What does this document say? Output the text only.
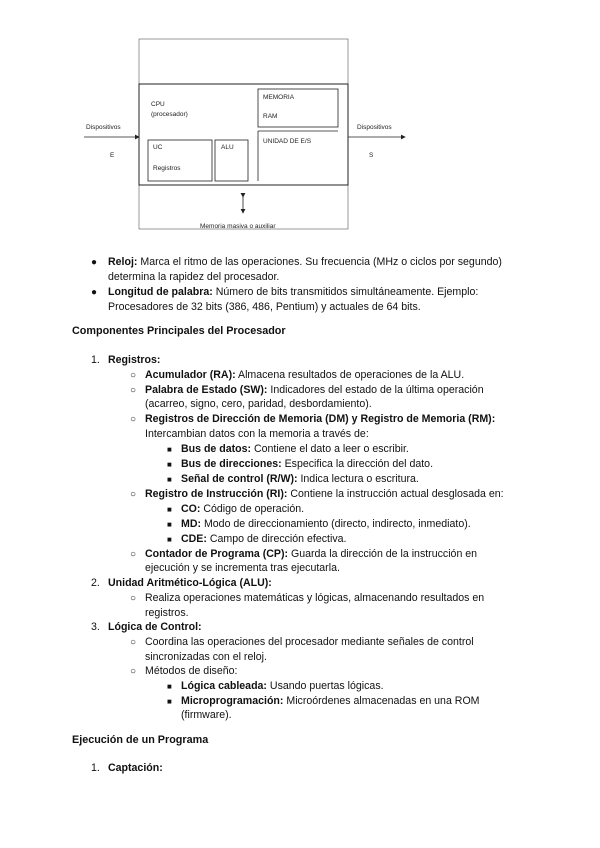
CPU
(procesador)
MEMORIA
RAM
UNIDAD DE E/S
UC
Registros
ALU
Dispositivos
E
Dispositivos
S
Memoria masiva o auxiliar
● Reloj: Marca el ritmo de las operaciones. Su frecuencia (MHz o ciclos por segundo)
determina la rapidez del procesador.
● Longitud de palabra: Número de bits transmitidos simultáneamente. Ejemplo:
Procesadores de 32 bits (386, 486, Pentium) y actuales de 64 bits.
Componentes Principales del Procesador
1. Registros:
○ Acumulador (RA): Almacena resultados de operaciones de la ALU.
○ Palabra de Estado (SW): Indicadores del estado de la última operación
(acarreo, signo, cero, paridad, desbordamiento).
○ Registros de Dirección de Memoria (DM) y Registro de Memoria (RM):
Intercambian datos con la memoria a través de:
■ Bus de datos: Contiene el dato a leer o escribir.
■ Bus de direcciones: Especifica la dirección del dato.
■ Señal de control (R/W): Indica lectura o escritura.
○ Registro de Instrucción (RI): Contiene la instrucción actual desglosada en:
■ CO: Código de operación.
■ MD: Modo de direccionamiento (directo, indirecto, inmediato).
■ CDE: Campo de dirección efectiva.
○ Contador de Programa (CP): Guarda la dirección de la instrucción en
ejecución y se incrementa tras ejecutarla.
2. Unidad Aritmético-Lógica (ALU):
○ Realiza operaciones matemáticas y lógicas, almacenando resultados en
registros.
3. Lógica de Control:
○ Coordina las operaciones del procesador mediante señales de control
sincronizadas con el reloj.
○ Métodos de diseño:
■ Lógica cableada: Usando puertas lógicas.
■ Microprogramación: Microórdenes almacenadas en una ROM
(firmware).
Ejecución de un Programa
1. Captación:
